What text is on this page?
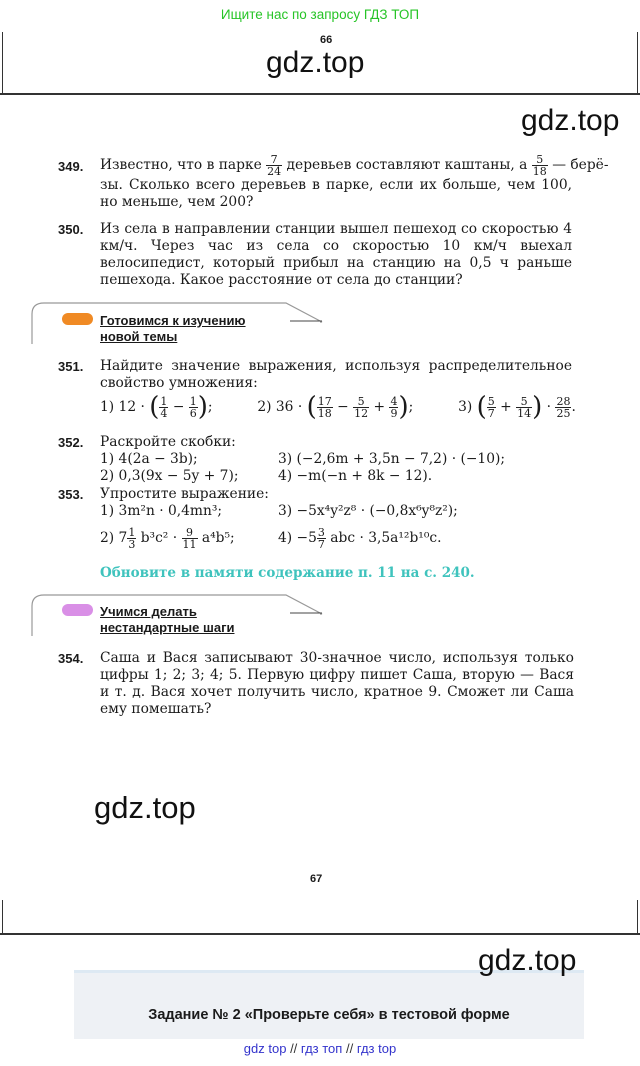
Ищите нас по запросу ГДЗ ТОП
66
gdz.top
gdz.top
349. Известно, что в парке $\frac{7}{24}$ деревьев составляют каштаны, а $\frac{5}{18}$ — берё-
зы. Сколько всего деревьев в парке, если их больше, чем 100, но меньше, чем 200?
350. Из села в направлении станции вышел пешеход со скоростью 4 км/ч. Через час из села со скоростью 10 км/ч выехал велосипедист, который прибыл на станцию на 0,5 ч раньше пешехода. Какое расстояние от села до станции?
Готовимся к изучению
новой темы
351. Найдите значение выражения, используя распределительное свойство умножения:
1) 12 · ( $\frac{1}{4} - \frac{1}{6}$ );	2) 36 · ( $\frac{17}{18} - \frac{5}{12} + \frac{4}{9}$ );	3) ( $\frac{5}{7} + \frac{5}{14}$ ) · $\frac{28}{25}$ .
352. Раскройте скобки:
1) 4(2a − 3b);	3) (−2,6m + 3,5n − 7,2) · (−10);
2) 0,3(9x − 5y + 7);	4) −m(−n + 8k − 12).
353. Упростите выражение:
1) 3m²n · 0,4mn³;	3) −5x⁴y²z⁸ · (−0,8x⁶y⁸z²);
2) $7 \frac{1}{3} b^3c^2 \cdot \frac{9}{11} a^4b^5$;	$4) -5 \frac{3}{7}$ abc · 3,5a¹²b¹⁰c.
Обновите в памяти содержание п. 11 на с. 240.
Учимся делать
нестандартные шаги
354. Саша и Вася записывают 30-значное число, используя только цифры 1; 2; 3; 4; 5. Первую цифру пишет Саша, вторую — Вася и т. д. Вася хочет получить число, кратное 9. Сможет ли Саша ему помешать?
gdz.top
67
gdz.top
Задание № 2 «Проверьте себя» в тестовой форме
gdz top // гдз топ // гдз top
